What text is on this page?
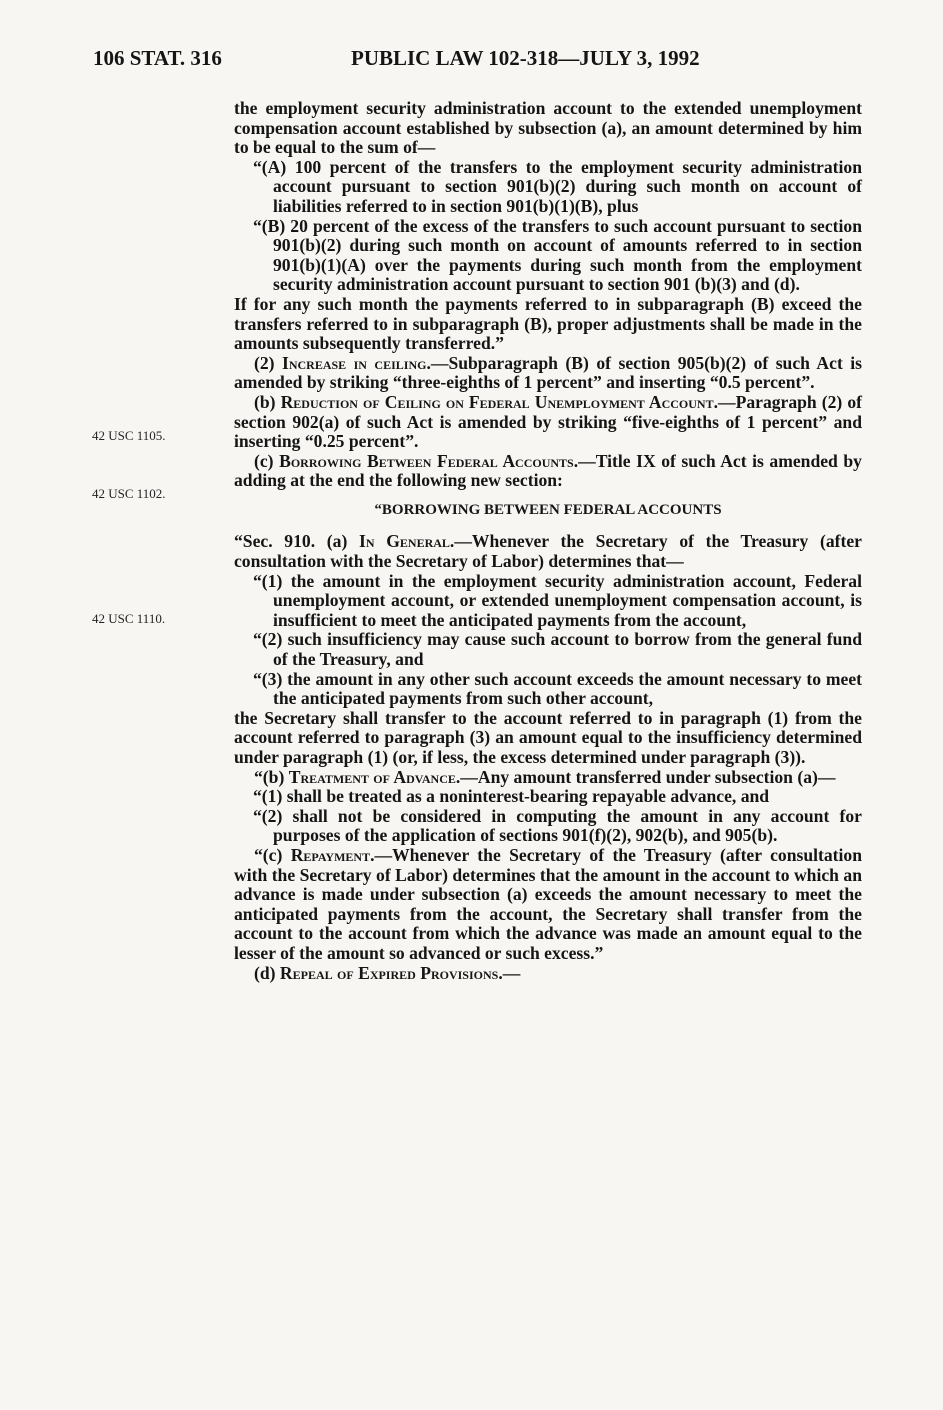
106 STAT. 316	PUBLIC LAW 102-318—JULY 3, 1992
42 USC 1105.
42 USC 1102.
42 USC 1110.

the employment security administration account to the extended unemployment compensation account established by subsection (a), an amount determined by him to be equal to the sum of—

“(A) 100 percent of the transfers to the employment security administration account pursuant to section 901(b)(2) during such month on account of liabilities referred to in section 901(b)(1)(B), plus

“(B) 20 percent of the excess of the transfers to such account pursuant to section 901(b)(2) during such month on account of amounts referred to in section 901(b)(1)(A) over the payments during such month from the employment security administration account pursuant to section 901 (b)(3) and (d).

If for any such month the payments referred to in subparagraph (B) exceed the transfers referred to in subparagraph (B), proper adjustments shall be made in the amounts subsequently transferred.”

(2) Increase in ceiling.—Subparagraph (B) of section 905(b)(2) of such Act is amended by striking “three-eighths of 1 percent” and inserting “0.5 percent”.

(b) Reduction of Ceiling on Federal Unemployment Account.—Paragraph (2) of section 902(a) of such Act is amended by striking “five-eighths of 1 percent” and inserting “0.25 percent”.

(c) Borrowing Between Federal Accounts.—Title IX of such Act is amended by adding at the end the following new section:

“BORROWING BETWEEN FEDERAL ACCOUNTS

“Sec. 910. (a) In General.—Whenever the Secretary of the Treasury (after consultation with the Secretary of Labor) determines that—

“(1) the amount in the employment security administration account, Federal unemployment account, or extended unemployment compensation account, is insufficient to meet the anticipated payments from the account,

“(2) such insufficiency may cause such account to borrow from the general fund of the Treasury, and

“(3) the amount in any other such account exceeds the amount necessary to meet the anticipated payments from such other account,

the Secretary shall transfer to the account referred to in paragraph (1) from the account referred to paragraph (3) an amount equal to the insufficiency determined under paragraph (1) (or, if less, the excess determined under paragraph (3)).

“(b) Treatment of Advance.—Any amount transferred under subsection (a)—

“(1) shall be treated as a noninterest-bearing repayable advance, and

“(2) shall not be considered in computing the amount in any account for purposes of the application of sections 901(f)(2), 902(b), and 905(b).

“(c) Repayment.—Whenever the Secretary of the Treasury (after consultation with the Secretary of Labor) determines that the amount in the account to which an advance is made under subsection (a) exceeds the amount necessary to meet the anticipated payments from the account, the Secretary shall transfer from the account to the account from which the advance was made an amount equal to the lesser of the amount so advanced or such excess.”

(d) Repeal of Expired Provisions.—
